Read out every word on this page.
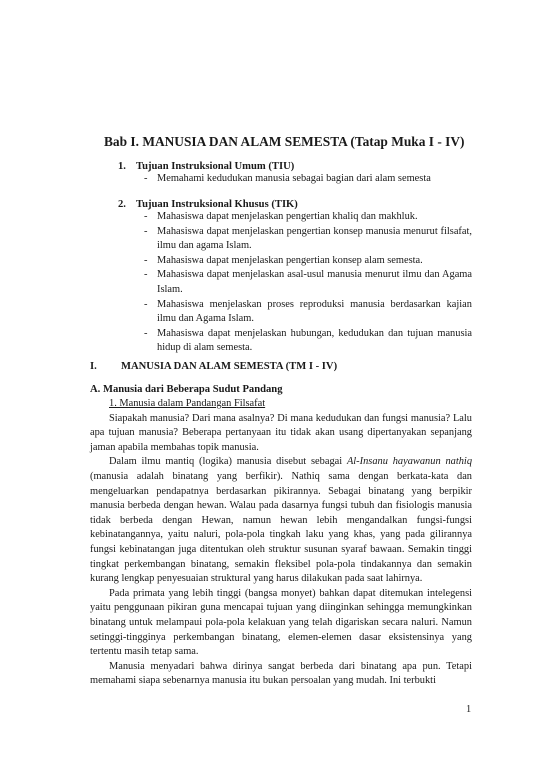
Bab I. MANUSIA DAN ALAM SEMESTA (Tatap Muka I - IV)
1. Tujuan Instruksional Umum (TIU)
- Memahami kedudukan manusia sebagai bagian dari alam semesta
2. Tujuan Instruksional Khusus (TIK)
- Mahasiswa dapat menjelaskan pengertian khaliq dan makhluk.
- Mahasiswa dapat menjelaskan pengertian konsep manusia menurut filsafat, ilmu dan agama Islam.
- Mahasiswa dapat menjelaskan pengertian konsep alam semesta.
- Mahasiswa dapat menjelaskan asal-usul manusia menurut ilmu dan Agama Islam.
- Mahasiswa menjelaskan proses reproduksi manusia berdasarkan kajian ilmu dan Agama Islam.
- Mahasiswa dapat menjelaskan hubungan, kedudukan dan tujuan manusia hidup di alam semesta.
I. MANUSIA DAN ALAM SEMESTA (TM I - IV)
A. Manusia dari Beberapa Sudut Pandang

1. Manusia dalam Pandangan Filsafat

Siapakah manusia? Dari mana asalnya? Di mana kedudukan dan fungsi manusia? Lalu apa tujuan manusia? Beberapa pertanyaan itu tidak akan usang dipertanyakan sepanjang jaman apabila membahas topik manusia.

Dalam ilmu mantiq (logika) manusia disebut sebagai Al-Insanu hayawanun nathiq (manusia adalah binatang yang berfikir). Nathiq sama dengan berkata-kata dan mengeluarkan pendapatnya berdasarkan pikirannya. Sebagai binatang yang berpikir manusia berbeda dengan hewan. Walau pada dasarnya fungsi tubuh dan fisiologis manusia tidak berbeda dengan Hewan, namun hewan lebih mengandalkan fungsi-fungsi kebinatangannya, yaitu naluri, pola-pola tingkah laku yang khas, yang pada gilirannya fungsi kebinatangan juga ditentukan oleh struktur susunan syaraf bawaan. Semakin tinggi tingkat perkembangan binatang, semakin fleksibel pola-pola tindakannya dan semakin kurang lengkap penyesuaian struktural yang harus dilakukan pada saat lahirnya.

Pada primata yang lebih tinggi (bangsa monyet) bahkan dapat ditemukan intelegensi yaitu penggunaan pikiran guna mencapai tujuan yang diinginkan sehingga memungkinkan binatang untuk melampaui pola-pola kelakuan yang telah digariskan secara naluri. Namun setinggi-tingginya perkembangan binatang, elemen-elemen dasar eksistensinya yang tertentu masih tetap sama.

Manusia menyadari bahwa dirinya sangat berbeda dari binatang apa pun. Tetapi memahami siapa sebenarnya manusia itu bukan persoalan yang mudah. Ini terbukti

1
